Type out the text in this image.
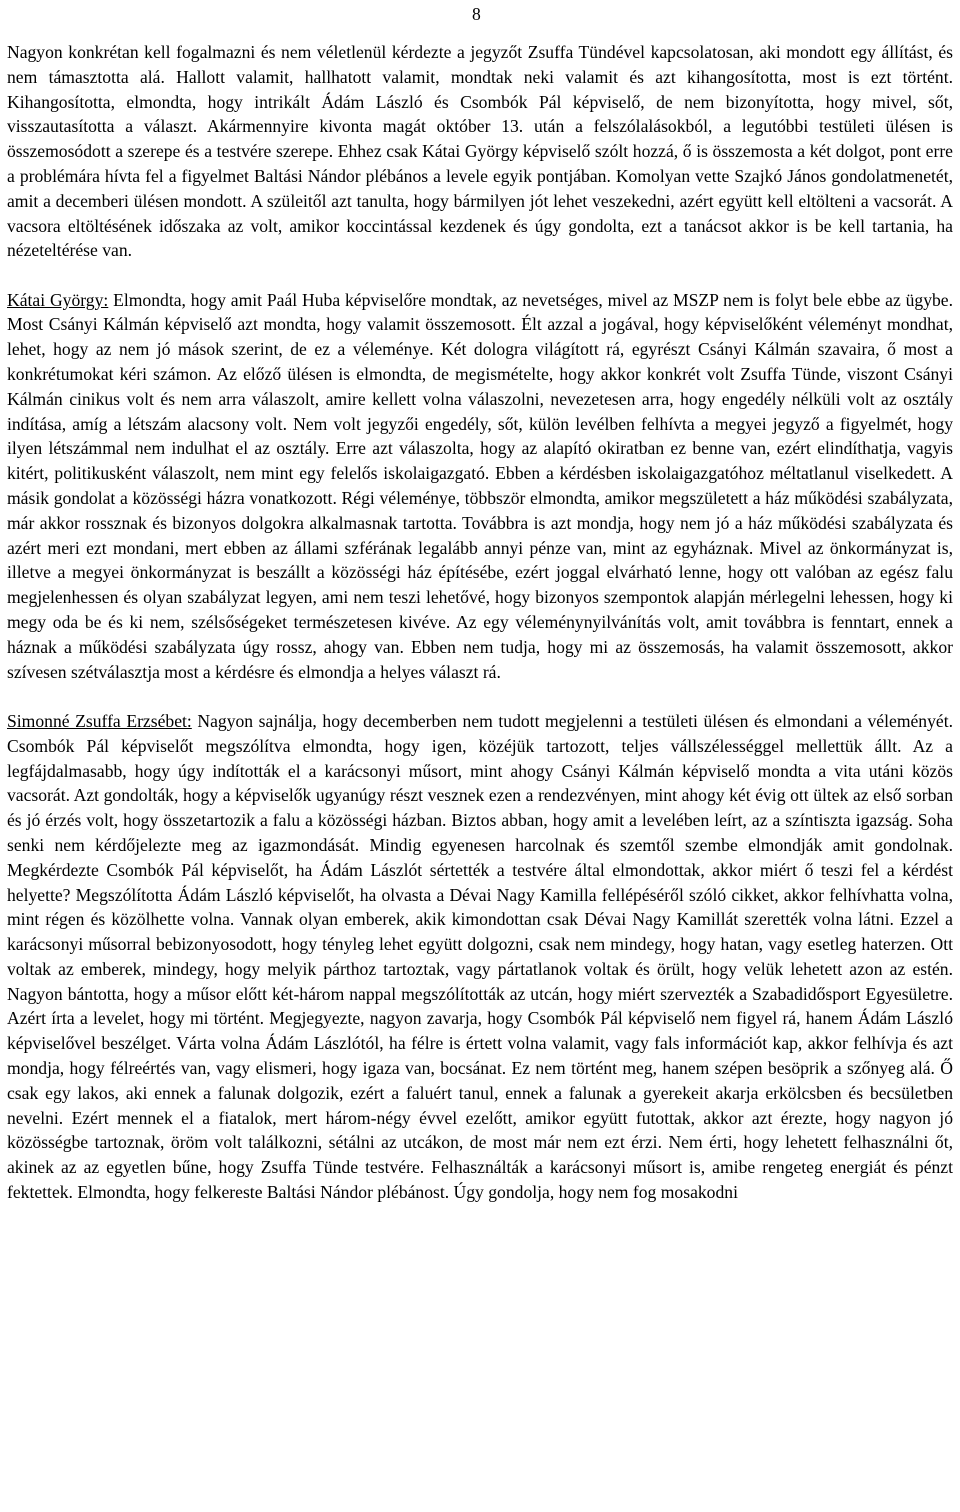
8

Nagyon konkrétan kell fogalmazni és nem véletlenül kérdezte a jegyzőt Zsuffa Tündével kapcsolatosan, aki mondott egy állítást, és nem támasztotta alá. Hallott valamit, hallhatott valamit, mondtak neki valamit és azt kihangosította, most is ezt történt. Kihangosította, elmondta, hogy intrikált Ádám László és Csombók Pál képviselő, de nem bizonyította, hogy mivel, sőt, visszautasította a választ. Akármennyire kivonta magát október 13. után a felszólalásokból, a legutóbbi testületi ülésen is összemosódott a szerepe és a testvére szerepe. Ehhez csak Kátai György képviselő szólt hozzá, ő is összemosta a két dolgot, pont erre a problémára hívta fel a figyelmet Baltási Nándor plébános a levele egyik pontjában. Komolyan vette Szajkó János gondolatmenetét, amit a decemberi ülésen mondott. A szüleitől azt tanulta, hogy bármilyen jót lehet veszekedni, azért együtt kell eltölteni a vacsorát. A vacsora eltöltésének időszaka az volt, amikor koccintással kezdenek és úgy gondolta, ezt a tanácsot akkor is be kell tartania, ha nézeteltérése van.

Kátai György: Elmondta, hogy amit Paál Huba képviselőre mondtak, az nevetséges, mivel az MSZP nem is folyt bele ebbe az ügybe. Most Csányi Kálmán képviselő azt mondta, hogy valamit összemosott. Élt azzal a jogával, hogy képviselőként véleményt mondhat, lehet, hogy az nem jó mások szerint, de ez a véleménye. Két dologra világított rá, egyrészt Csányi Kálmán szavaira, ő most a konkrétumokat kéri számon. Az előző ülésen is elmondta, de megismételte, hogy akkor konkrét volt Zsuffa Tünde, viszont Csányi Kálmán cinikus volt és nem arra válaszolt, amire kellett volna válaszolni, nevezetesen arra, hogy engedély nélküli volt az osztály indítása, amíg a létszám alacsony volt. Nem volt jegyzői engedély, sőt, külön levélben felhívta a megyei jegyző a figyelmét, hogy ilyen létszámmal nem indulhat el az osztály. Erre azt válaszolta, hogy az alapító okiratban ez benne van, ezért elindíthatja, vagyis kitért, politikusként válaszolt, nem mint egy felelős iskolaigazgató. Ebben a kérdésben iskolaigazgatóhoz méltatlanul viselkedett. A másik gondolat a közösségi házra vonatkozott. Régi véleménye, többször elmondta, amikor megszületett a ház működési szabályzata, már akkor rossznak és bizonyos dolgokra alkalmasnak tartotta. Továbbra is azt mondja, hogy nem jó a ház működési szabályzata és azért meri ezt mondani, mert ebben az állami szférának legalább annyi pénze van, mint az egyháznak. Mivel az önkormányzat is, illetve a megyei önkormányzat is beszállt a közösségi ház építésébe, ezért joggal elvárható lenne, hogy ott valóban az egész falu megjelenhessen és olyan szabályzat legyen, ami nem teszi lehetővé, hogy bizonyos szempontok alapján mérlegelni lehessen, hogy ki megy oda be és ki nem, szélsőségeket természetesen kivéve. Az egy véleménynyilvánítás volt, amit továbbra is fenntart, ennek a háznak a működési szabályzata úgy rossz, ahogy van. Ebben nem tudja, hogy mi az összemosás, ha valamit összemosott, akkor szívesen szétválasztja most a kérdésre és elmondja a helyes választ rá.

Simonné Zsuffa Erzsébet: Nagyon sajnálja, hogy decemberben nem tudott megjelenni a testületi ülésen és elmondani a véleményét. Csombók Pál képviselőt megszólítva elmondta, hogy igen, közéjük tartozott, teljes vállszélességgel mellettük állt. Az a legfájdalmasabb, hogy úgy indították el a karácsonyi műsort, mint ahogy Csányi Kálmán képviselő mondta a vita utáni közös vacsorát. Azt gondolták, hogy a képviselők ugyanúgy részt vesznek ezen a rendezvényen, mint ahogy két évig ott ültek az első sorban és jó érzés volt, hogy összetartozik a falu a közösségi házban. Biztos abban, hogy amit a levelében leírt, az a színtiszta igazság. Soha senki nem kérdőjelezte meg az igazmondását. Mindig egyenesen harcolnak és szemtől szembe elmondják amit gondolnak. Megkérdezte Csombók Pál képviselőt, ha Ádám Lászlót sértették a testvére által elmondottak, akkor miért ő teszi fel a kérdést helyette? Megszólította Ádám László képviselőt, ha olvasta a Dévai Nagy Kamilla fellépéséről szóló cikket, akkor felhívhatta volna, mint régen és közölhette volna. Vannak olyan emberek, akik kimondottan csak Dévai Nagy Kamillát szerették volna látni. Ezzel a karácsonyi műsorral bebizonyosodott, hogy tényleg lehet együtt dolgozni, csak nem mindegy, hogy hatan, vagy esetleg haterzen. Ott voltak az emberek, mindegy, hogy melyik párthoz tartoztak, vagy pártatlanok voltak és örült, hogy velük lehetett azon az estén. Nagyon bántotta, hogy a műsor előtt két-három nappal megszólították az utcán, hogy miért szervezték a Szabadidősport Egyesületre. Azért írta a levelet, hogy mi történt. Megjegyezte, nagyon zavarja, hogy Csombók Pál képviselő nem figyel rá, hanem Ádám László képviselővel beszélget. Várta volna Ádám Lászlótól, ha félre is értett volna valamit, vagy fals információt kap, akkor felhívja és azt mondja, hogy félreértés van, vagy elismeri, hogy igaza van, bocsánat. Ez nem történt meg, hanem szépen besöprik a szőnyeg alá. Ő csak egy lakos, aki ennek a falunak dolgozik, ezért a faluért tanul, ennek a falunak a gyerekeit akarja erkölcsben és becsületben nevelni. Ezért mennek el a fiatalok, mert három-négy évvel ezelőtt, amikor együtt futottak, akkor azt érezte, hogy nagyon jó közösségbe tartoznak, öröm volt találkozni, sétálni az utcákon, de most már nem ezt érzi. Nem érti, hogy lehetett felhasználni őt, akinek az az egyetlen bűne, hogy Zsuffa Tünde testvére. Felhasználták a karácsonyi műsort is, amibe rengeteg energiát és pénzt fektettek. Elmondta, hogy felkereste Baltási Nándor plébánost. Úgy gondolja, hogy nem fog mosakodni
